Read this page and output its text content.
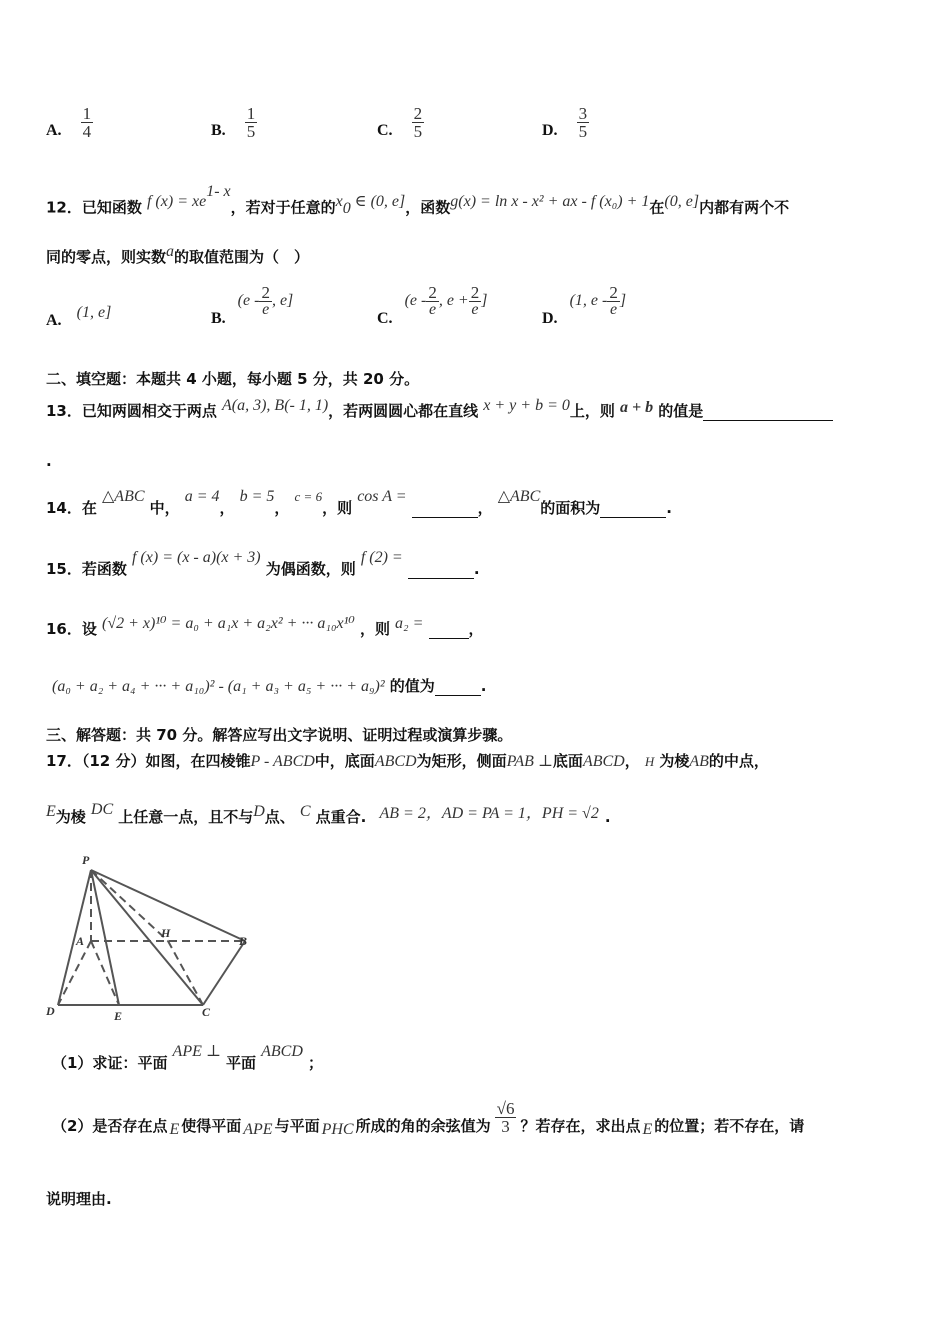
A. $\frac{1}{4}$	B. $\frac{1}{5}$	C. $\frac{2}{5}$	D. $\frac{3}{5}$
12．已知函数 f $(x) = xe^{1- x}$，若对于任意的$x_0$ ∈ (0, e]，函数g(x) = ln x - x² + ax - f (x₀) + 1在(0, e]内都有两个不
同的零点，则实数a的取值范围为（　）
A. (1, e]	B.
($e - \frac{2}{e}$ , e]
C.
($e - \frac{2}{e}$ , $e + \frac{2}{e}$ ]
D.
(1, e - $\frac{2}{e}$ ]
二、填空题：本题共 4 小题，每小题 5 分，共 20 分。
13．已知两圆相交于两点 A(a, 3), B(- 1, 1)，若两圆圆心都在直线 x + y + b = 0上，则 a + b 的值是
.
14．在 △ABC 中， a = 4， b = 5， $^{c = 6}$，则 cos A = ， △ABC的面积为	.
15．若函数 f (x) = (x - a)(x + 3) 为偶函数，则 f (2) = .
16．设 (√2 + x)¹⁰ = a₀ + a₁x + a₂x² + ··· a₁₀x¹⁰ ，则 a₂ =	，
(a₀ + a₂ + a₄ + ··· + a₁₀)² - (a₁ + a₃ + a₅ + ··· + a₉)² 的值为	.
三、解答题：共 70 分。解答应写出文字说明、证明过程或演算步骤。
17．（12 分）如图，在四棱锥P - ABCD中，底面ABCD为矩形，侧面PAB ⊥底面ABCD， H 为棱AB的中点，
E为棱 DC 上任意一点，且不与D点、 C 点重合. AB = 2，AD = PA = 1，PH = √2 .
P
A
H
B
D	E	C
（1）求证：平面 APE ⊥ 平面 ABCD ；
（2）是否存在点 E 使得平面 APE 与平面 PHC 所成的角的余弦值为 $\frac{√6}{3}$ ？若存在，求出点 E 的位置；若不存在，请
说明理由.
